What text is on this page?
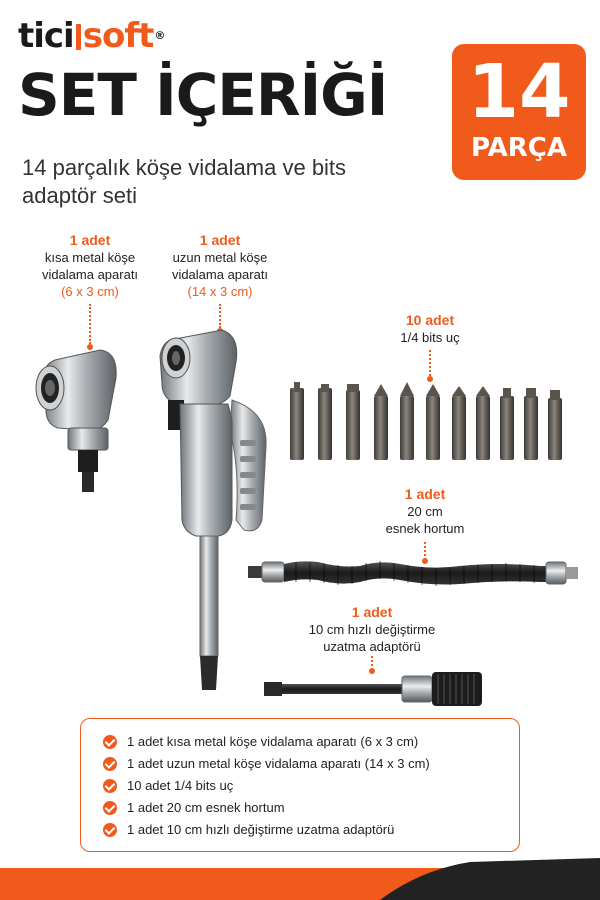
tici soft®
SET İÇERİĞİ
14 parçalık köşe vidalama ve bits adaptör seti
14
PARÇA
1 adet
kısa metal köşe
vidalama aparatı
(6 x 3 cm)
1 adet
uzun metal köşe
vidalama aparatı
(14 x 3 cm)
10 adet
1/4 bits uç
1 adet
20 cm
esnek hortum
1 adet
10 cm hızlı değiştirme
uzatma adaptörü
1 adet kısa metal köşe vidalama aparatı (6 x 3 cm)
1 adet uzun metal köşe vidalama aparatı (14 x 3 cm)
10 adet 1/4 bits uç
1 adet 20 cm esnek hortum
1 adet 10 cm hızlı değiştirme uzatma adaptörü
